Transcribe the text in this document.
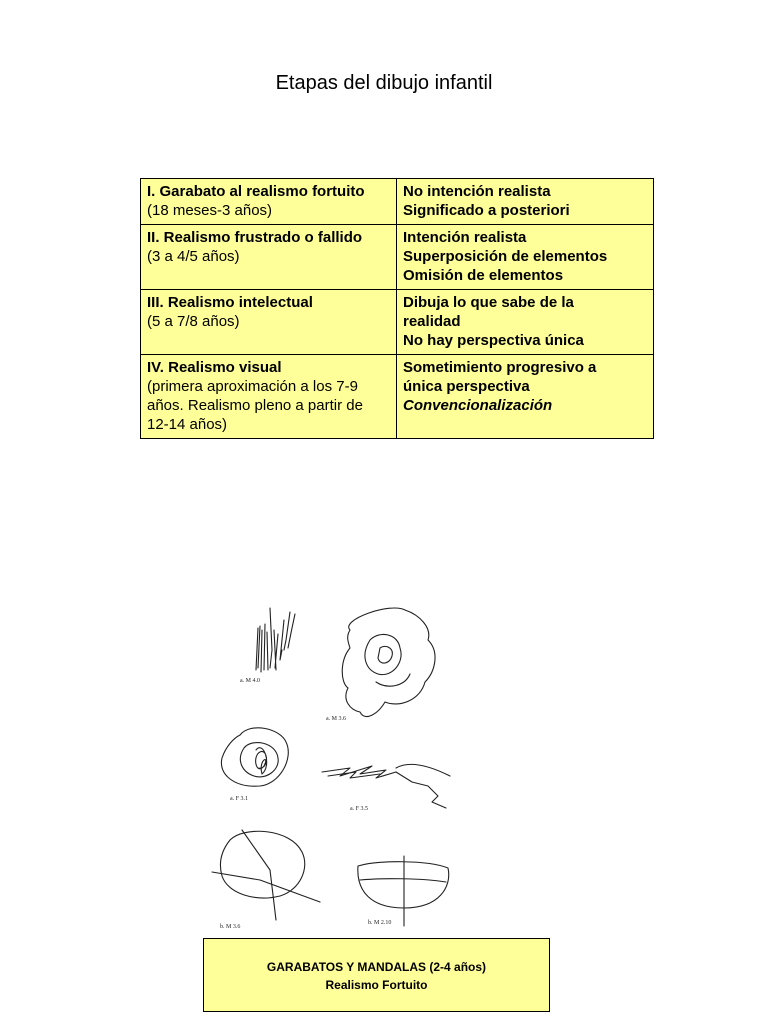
Etapas del dibujo infantil
I. Garabato al realismo fortuito
(18 meses-3 años)	No intención realista
Significado a posteriori

II. Realismo frustrado o fallido
(3 a 4/5 años)	Intención realista
Superposición de elementos
Omisión de elementos

III. Realismo intelectual
(5 a 7/8 años)	Dibuja lo que sabe de la
realidad
No hay perspectiva única

IV. Realismo visual
(primera aproximación a los 7-9
años. Realismo pleno a partir de
12-14 años)	Sometimiento progresivo a
única perspectiva
Convencionalización
a. M 4.0
a. M 3.6
a. F 3.1
a. F 3.5
b. M 3.6
b. M 2.10
GARABATOS Y MANDALAS (2-4 años)
Realismo Fortuito
